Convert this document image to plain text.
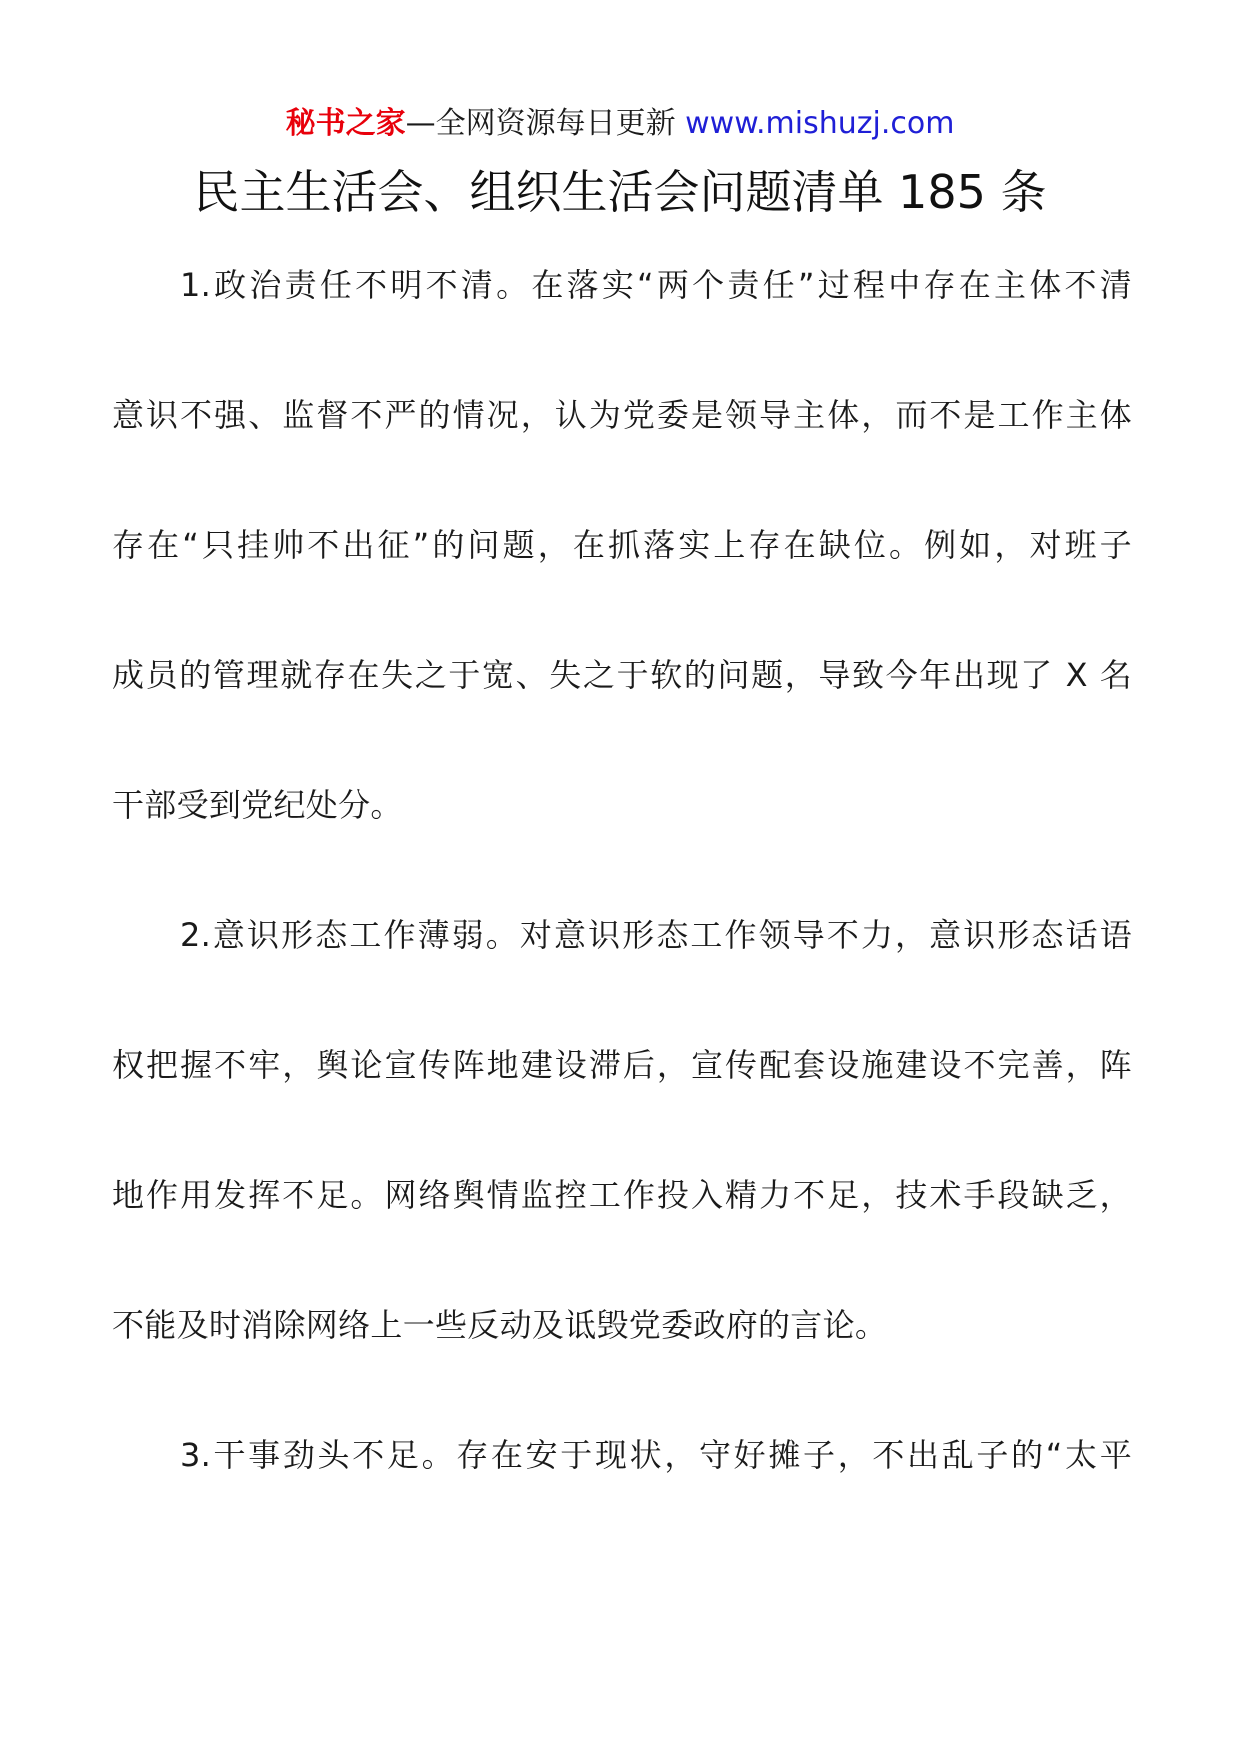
秘书之家—全网资源每日更新 www.mishuzj.com
民主生活会、组织生活会问题清单 185 条
1.政治责任不明不清。在落实“两个责任”过程中存在主体不清
意识不强、监督不严的情况，认为党委是领导主体，而不是工作主体
存在“只挂帅不出征”的问题，在抓落实上存在缺位。例如，对班子
成员的管理就存在失之于宽、失之于软的问题，导致今年出现了 X 名
干部受到党纪处分。
2.意识形态工作薄弱。对意识形态工作领导不力，意识形态话语
权把握不牢，舆论宣传阵地建设滞后，宣传配套设施建设不完善，阵
地作用发挥不足。网络舆情监控工作投入精力不足，技术手段缺乏，
不能及时消除网络上一些反动及诋毁党委政府的言论。
3.干事劲头不足。存在安于现状，守好摊子，不出乱子的“太平
